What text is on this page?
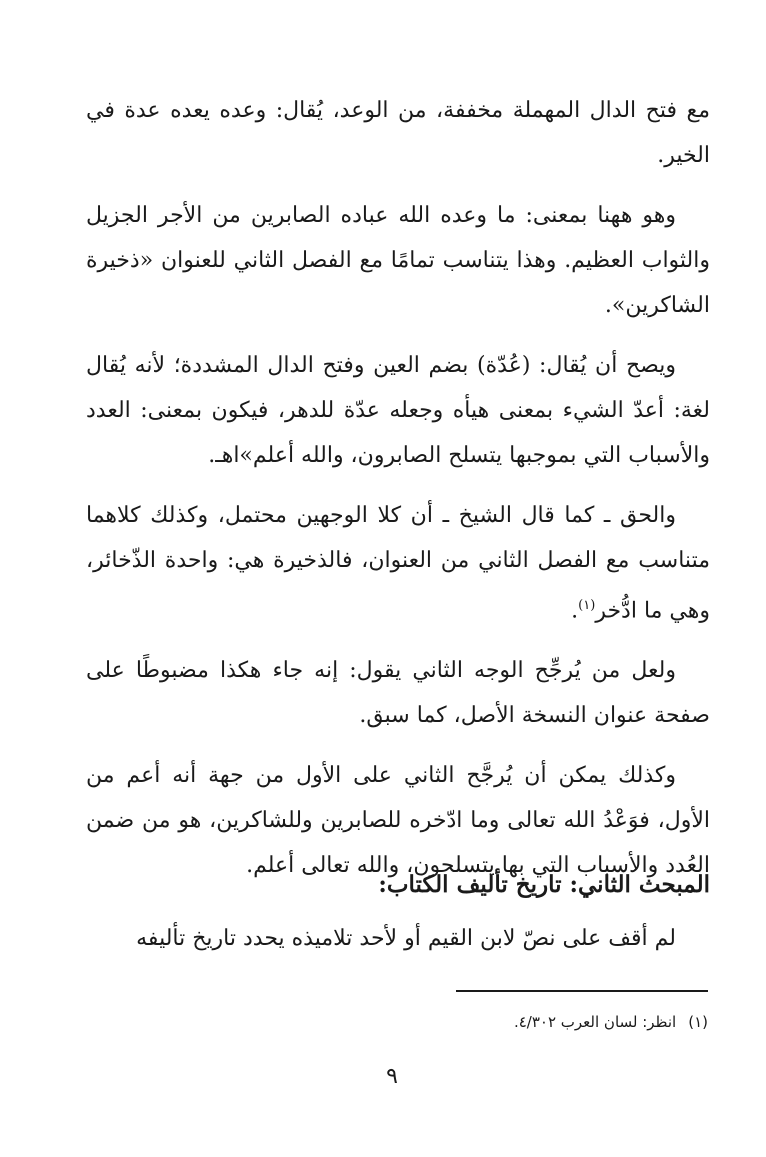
مع فتح الدال المهملة مخففة، من الوعد، يُقال: وعده يعده عدة في الخير.

وهو ههنا بمعنى: ما وعده الله عباده الصابرين من الأجر الجزيل والثواب العظيم. وهذا يتناسب تمامًا مع الفصل الثاني للعنوان «ذخيرة الشاكرين».

ويصح أن يُقال: (عُدّة) بضم العين وفتح الدال المشددة؛ لأنه يُقال لغة: أعدّ الشيء بمعنى هيأه وجعله عدّة للدهر، فيكون بمعنى: العدد والأسباب التي بموجبها يتسلح الصابرون، والله أعلم»اهـ.

والحق ـ كما قال الشيخ ـ أن كلا الوجهين محتمل، وكذلك كلاهما متناسب مع الفصل الثاني من العنوان، فالذخيرة هي: واحدة الذّخائر، وهي ما ادُّخر$^{(١)}$.

ولعل من يُرجِّح الوجه الثاني يقول: إنه جاء هكذا مضبوطًا على صفحة عنوان النسخة الأصل، كما سبق.

وكذلك يمكن أن يُرجَّح الثاني على الأول من جهة أنه أعم من الأول، فوَعْدُ الله تعالى وما ادّخره للصابرين وللشاكرين، هو من ضمن العُدد والأسباب التي بها يتسلحون، والله تعالى أعلم.

المبحث الثاني: تاريخ تأليف الكتاب:

لم أقف على نصّ لابن القيم أو لأحد تلاميذه يحدد تاريخ تأليفه

(١)انظر: لسان العرب ٤/٣٠٢.
٩
